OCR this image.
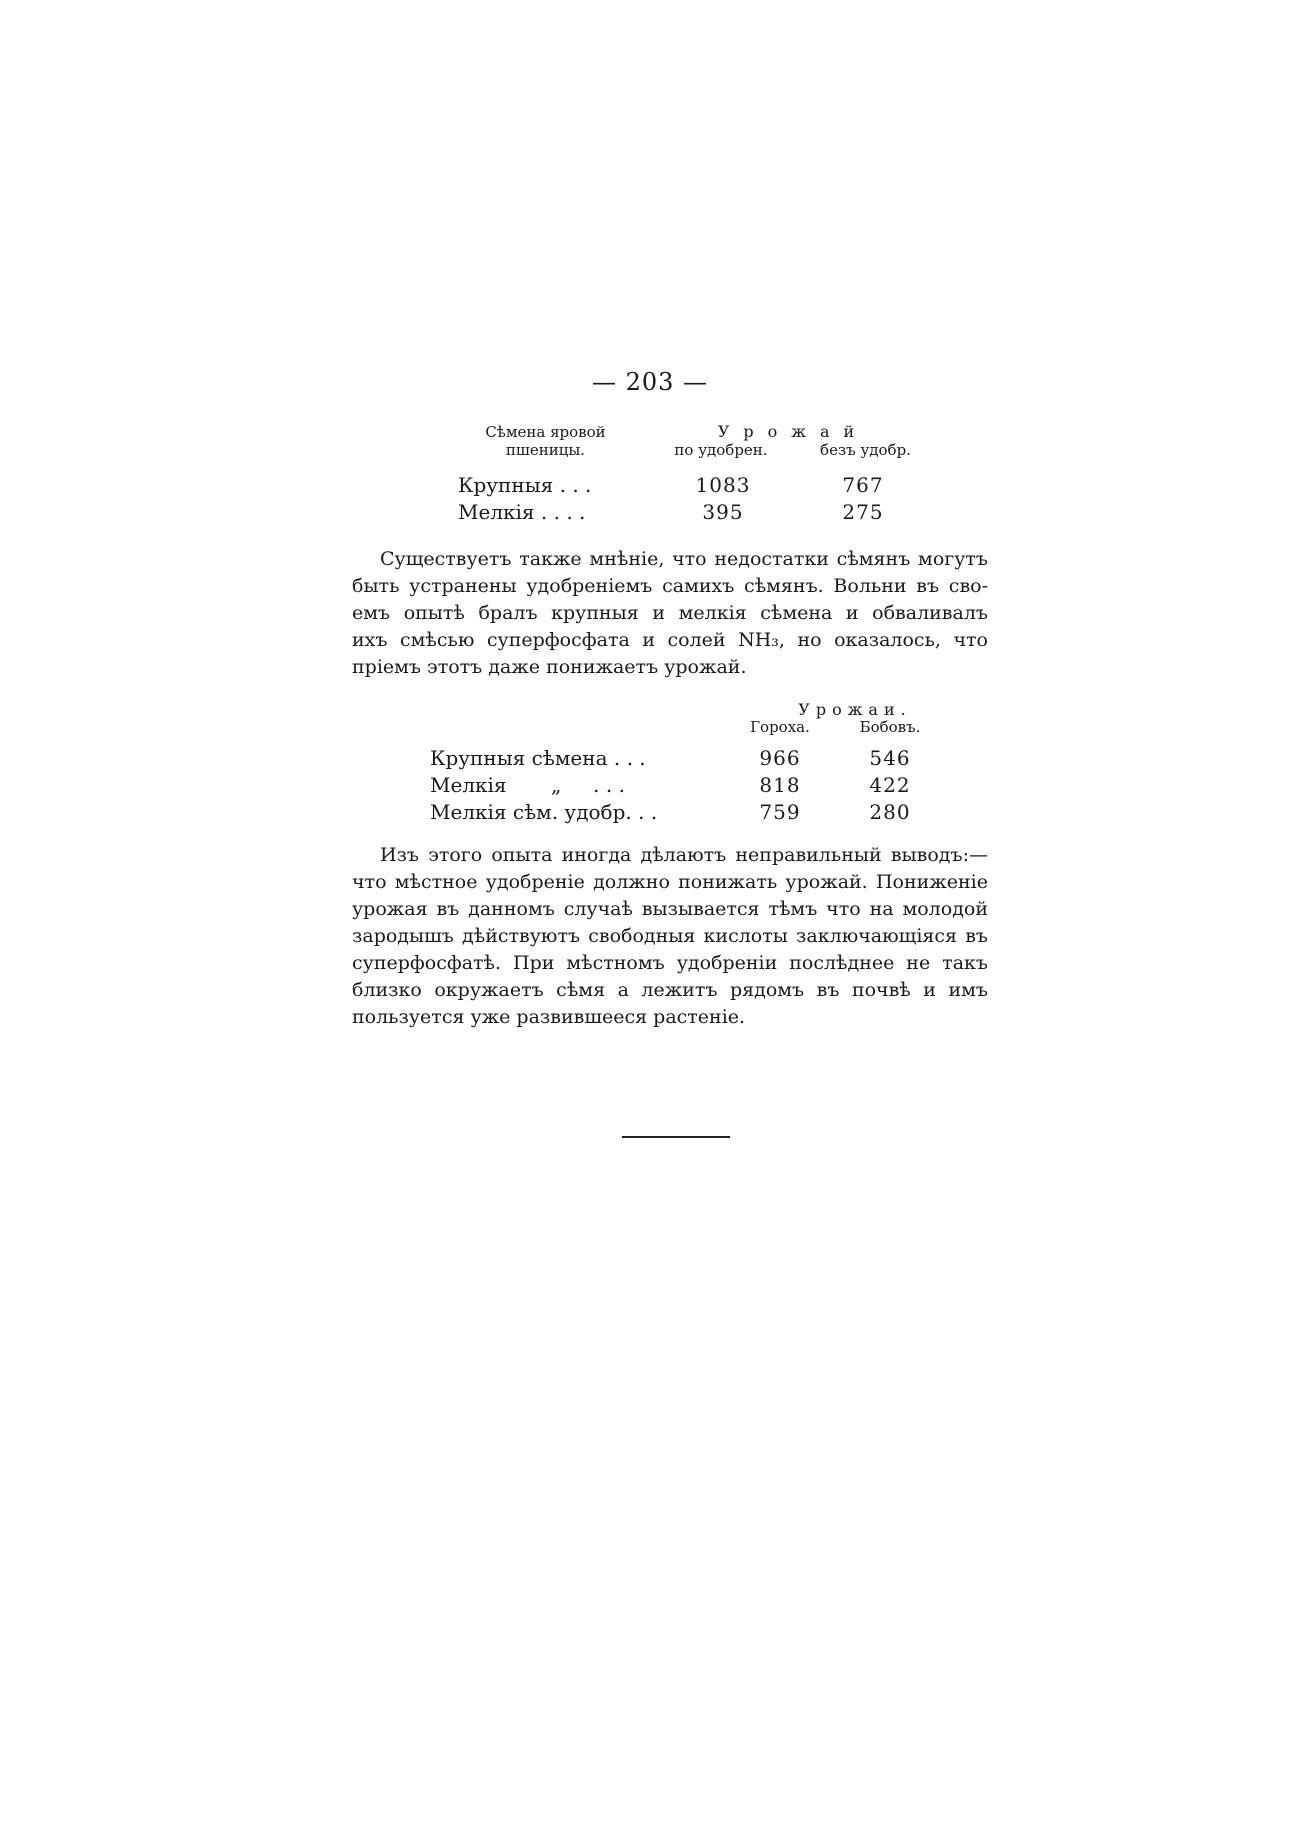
— 203 —
Сѣмена яровой
пшеницы.
Урожай
по удобрен.	безъ удобр.
Крупныя . . .	1083	767
Мелкія . . . .	395	275
Существуетъ также мнѣніе, что недостатки сѣмянъ могутъ
быть устранены удобреніемъ самихъ сѣмянъ. Вольни въ сво-
емъ опытѣ бралъ крупныя и мелкія сѣмена и обваливалъ
ихъ смѣсью суперфосфата и солей NH₃, но оказалось, что
пріемъ этотъ даже понижаетъ урожай.
Урожаи.
Гороха.	Бобовъ.
Крупныя сѣмена . . .	966	546
Мелкія       „     . . .	818	422
Мелкія сѣм. удобр. . .	759	280
Изъ этого опыта иногда дѣлаютъ неправильный выводъ:—
что мѣстное удобреніе должно понижать урожай. Пониженіе
урожая въ данномъ случаѣ вызывается тѣмъ что на молодой
зародышъ дѣйствуютъ свободныя кислоты заключающіяся въ
суперфосфатѣ. При мѣстномъ удобреніи послѣднее не такъ
близко окружаетъ сѣмя а лежитъ рядомъ въ почвѣ и имъ
пользуется уже развившееся растеніе.
